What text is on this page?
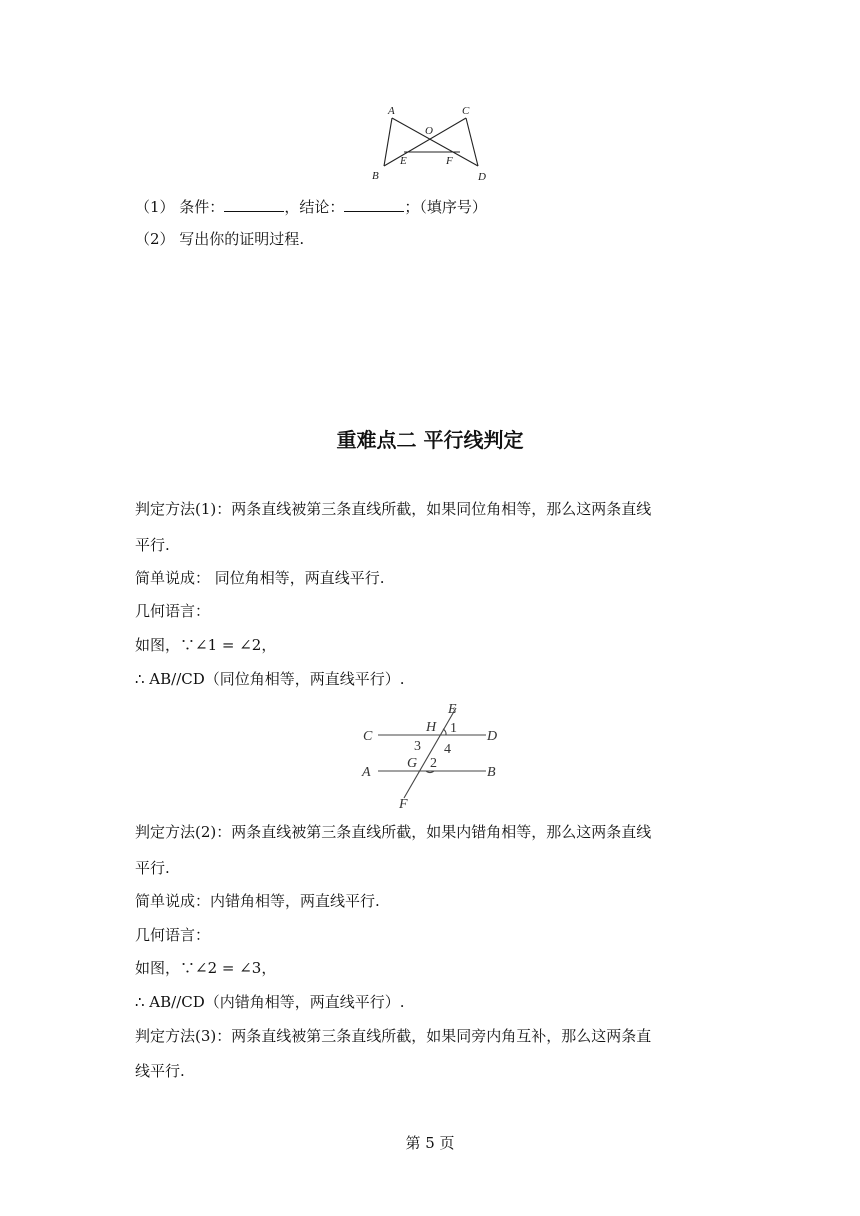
A	C
O
B
E	F
D
（1） 条件：	，结论：	；（填序号）
（2） 写出你的证明过程.
重难点二 平行线判定
判定方法(1)：两条直线被第三条直线所截，如果同位角相等，那么这两条直线
平行.
简单说成： 同位角相等，两直线平行.
几何语言：
如图，∵∠1 = ∠2，
∴ AB//CD（同位角相等，两直线平行）.
E
H 1
C
3 4
D
G 2
A	B
F
判定方法(2)：两条直线被第三条直线所截，如果内错角相等，那么这两条直线
平行.
简单说成：内错角相等，两直线平行.
几何语言：
如图，∵∠2 = ∠3，
∴ AB//CD（内错角相等，两直线平行）.
判定方法(3)：两条直线被第三条直线所截，如果同旁内角互补，那么这两条直
线平行.
第 5 页
